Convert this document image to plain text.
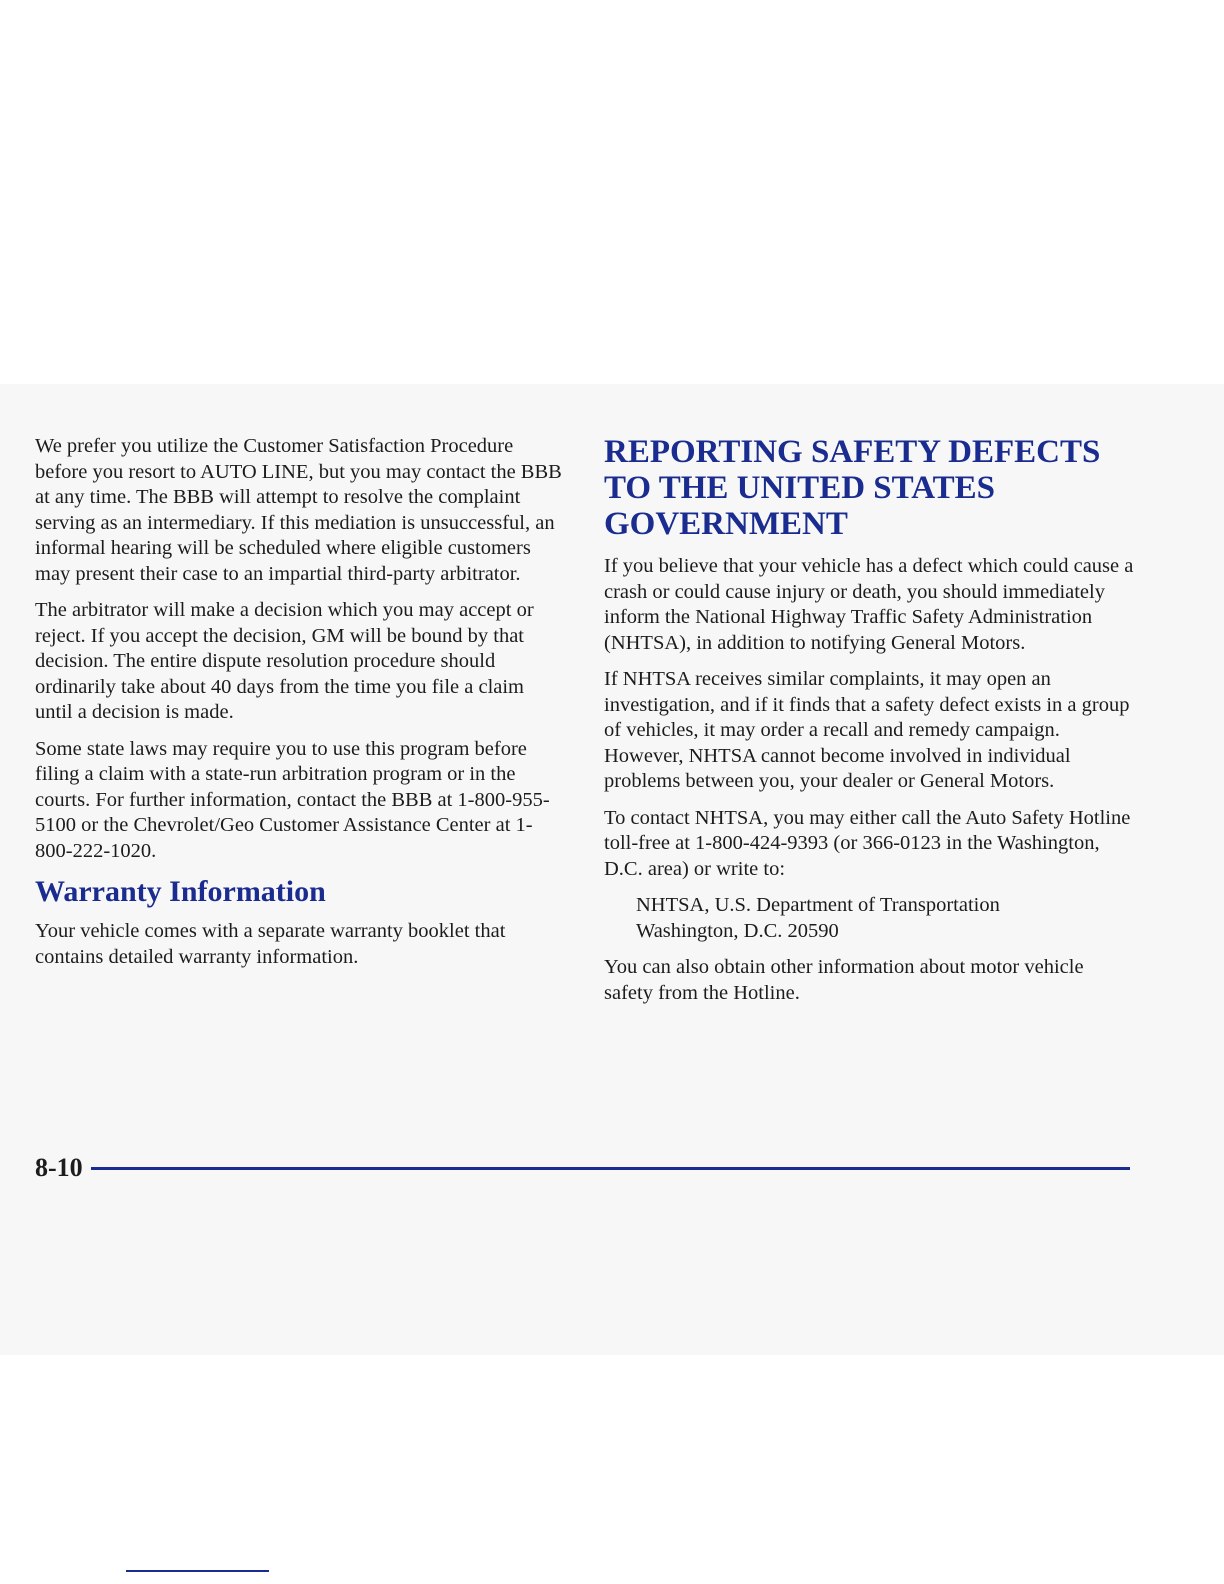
We prefer you utilize the Customer Satisfaction Procedure before you resort to AUTO LINE, but you may contact the BBB at any time. The BBB will attempt to resolve the complaint serving as an intermediary. If this mediation is unsuccessful, an informal hearing will be scheduled where eligible customers may present their case to an impartial third-party arbitrator.

The arbitrator will make a decision which you may accept or reject. If you accept the decision, GM will be bound by that decision. The entire dispute resolution procedure should ordinarily take about 40 days from the time you file a claim until a decision is made.

Some state laws may require you to use this program before filing a claim with a state-run arbitration program or in the courts. For further information, contact the BBB at 1-800-955-5100 or the Chevrolet/Geo Customer Assistance Center at 1-800-222-1020.

Warranty Information

Your vehicle comes with a separate warranty booklet that contains detailed warranty information.

REPORTING SAFETY DEFECTS TO THE UNITED STATES GOVERNMENT

If you believe that your vehicle has a defect which could cause a crash or could cause injury or death, you should immediately inform the National Highway Traffic Safety Administration (NHTSA), in addition to notifying General Motors.

If NHTSA receives similar complaints, it may open an investigation, and if it finds that a safety defect exists in a group of vehicles, it may order a recall and remedy campaign. However, NHTSA cannot become involved in individual problems between you, your dealer or General Motors.

To contact NHTSA, you may either call the Auto Safety Hotline toll-free at 1-800-424-9393 (or 366-0123 in the Washington, D.C. area) or write to:

NHTSA, U.S. Department of Transportation
Washington, D.C. 20590

You can also obtain other information about motor vehicle safety from the Hotline.

8-10
